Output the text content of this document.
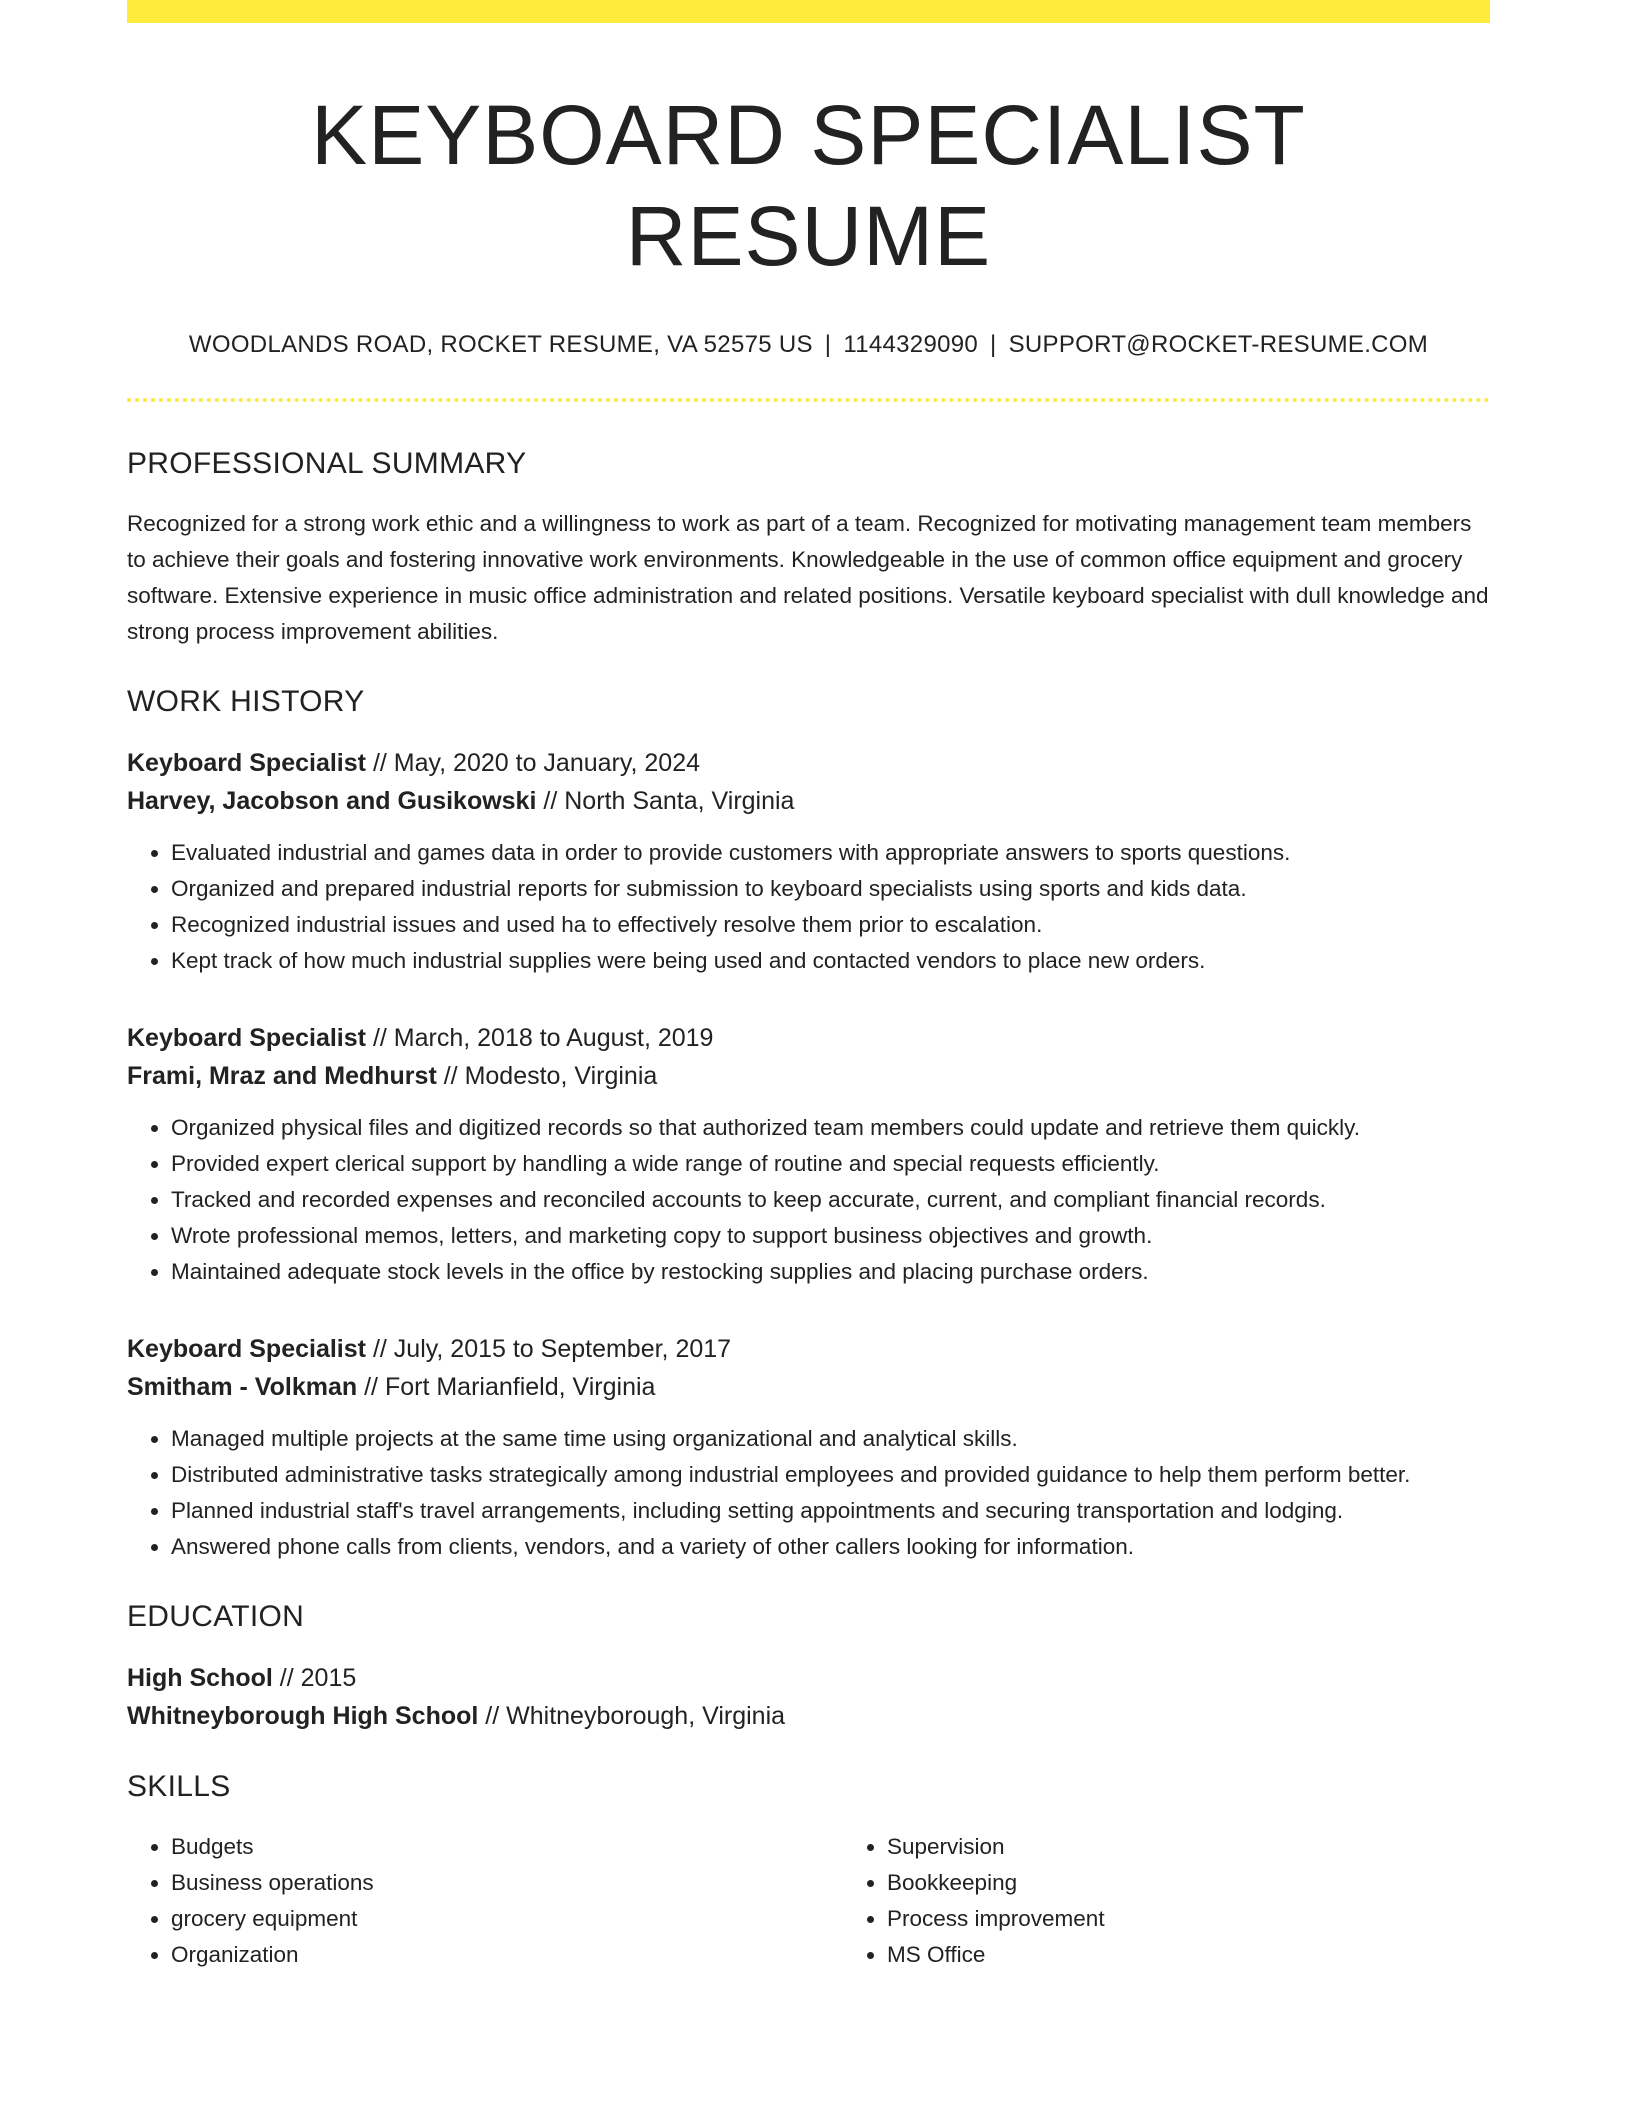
KEYBOARD SPECIALIST RESUME
WOODLANDS ROAD, ROCKET RESUME, VA 52575 US | 1144329090 | SUPPORT@ROCKET-RESUME.COM
PROFESSIONAL SUMMARY

Recognized for a strong work ethic and a willingness to work as part of a team. Recognized for motivating management team members to achieve their goals and fostering innovative work environments. Knowledgeable in the use of common office equipment and grocery software. Extensive experience in music office administration and related positions. Versatile keyboard specialist with dull knowledge and strong process improvement abilities.

WORK HISTORY
Keyboard Specialist // May, 2020 to January, 2024
Harvey, Jacobson and Gusikowski // North Santa, Virginia
• Evaluated industrial and games data in order to provide customers with appropriate answers to sports questions.
• Organized and prepared industrial reports for submission to keyboard specialists using sports and kids data.
• Recognized industrial issues and used ha to effectively resolve them prior to escalation.
• Kept track of how much industrial supplies were being used and contacted vendors to place new orders.
Keyboard Specialist // March, 2018 to August, 2019
Frami, Mraz and Medhurst // Modesto, Virginia
• Organized physical files and digitized records so that authorized team members could update and retrieve them quickly.
• Provided expert clerical support by handling a wide range of routine and special requests efficiently.
• Tracked and recorded expenses and reconciled accounts to keep accurate, current, and compliant financial records.
• Wrote professional memos, letters, and marketing copy to support business objectives and growth.
• Maintained adequate stock levels in the office by restocking supplies and placing purchase orders.
Keyboard Specialist // July, 2015 to September, 2017
Smitham - Volkman // Fort Marianfield, Virginia
• Managed multiple projects at the same time using organizational and analytical skills.
• Distributed administrative tasks strategically among industrial employees and provided guidance to help them perform better.
• Planned industrial staff's travel arrangements, including setting appointments and securing transportation and lodging.
• Answered phone calls from clients, vendors, and a variety of other callers looking for information.
EDUCATION
High School // 2015
Whitneyborough High School // Whitneyborough, Virginia
SKILLS
• Budgets
• Business operations
• grocery equipment
• Organization
• Supervision
• Bookkeeping
• Process improvement
• MS Office
